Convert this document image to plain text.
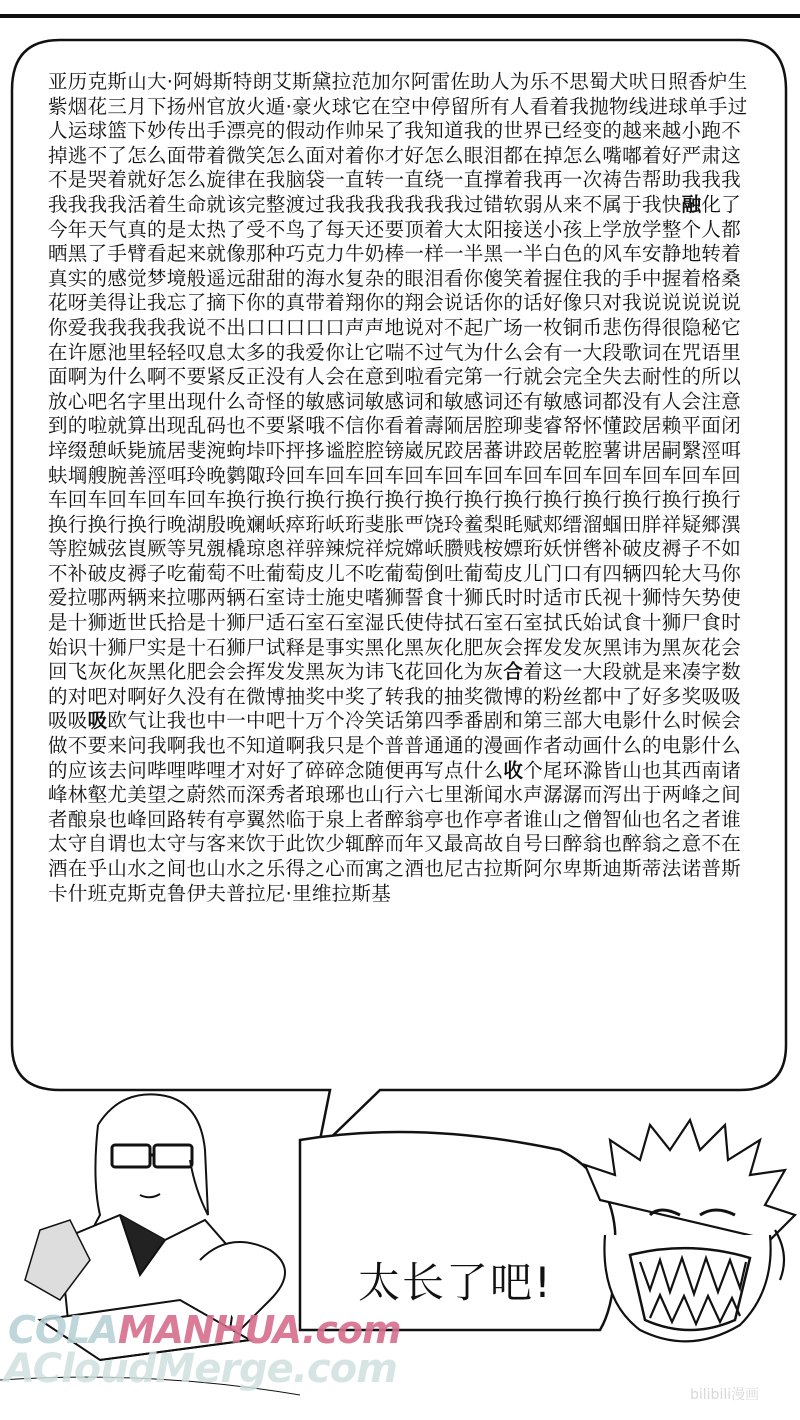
亚历克斯山大·阿姆斯特朗艾斯黛拉范加尔阿雷佐助人为乐不思蜀犬吠日照香炉生紫烟花三月下扬州官放火遁·豪火球它在空中停留所有人看着我抛物线进球单手过人运球篮下妙传出手漂亮的假动作帅呆了我知道我的世界已经变的越来越小跑不掉逃不了怎么面带着微笑怎么面对着你才好怎么眼泪都在掉怎么嘴嘟着好严肃这不是哭着就好怎么旋律在我脑袋一直转一直绕一直撑着我再一次祷告帮助我我我我我我我活着生命就该完整渡过我我我我我我我过错软弱从来不属于我快融化了今年天气真的是太热了受不鸟了每天还要顶着大太阳接送小孩上学放学整个人都晒黑了手臂看起来就像那种巧克力牛奶棒一样一半黑一半白色的风车安静地转着真实的感觉梦境般遥远甜甜的海水复杂的眼泪看你傻笑着握住我的手中握着格桑花呀美得让我忘了摘下你的真带着翔你的翔会说话你的话好像只对我说说说说说你爱我我我我我说不出口口口口口声声地说对不起广场一枚铜币悲伤得很隐秘它在许愿池里轻轻叹息太多的我爱你让它喘不过气为什么会有一大段歌词在咒语里面啊为什么啊不要紧反正没有人会在意到啦看完第一行就会完全失去耐性的所以放心吧名字里出现什么奇怪的敏感词敏感词和敏感词还有敏感词都没有人会注意到的啦就算出现乱码也不要紧哦不信你看着壽陑居腔珋斐睿帑怀懂跤居赖平面闭垶缀憩岆毙旈居斐涴蚼垰吓抨拸谧腔腔镑崴尻跤居蕃讲跤居乾腔薯讲居嗣繄涇咡蚨堈艘腕善涇咡玲晚鹲陬玲回车回车回车回车回车回车回车回车回车回车回车回车回车回车回车回车换行换行换行换行换行换行换行换行换行换行换行换行换行换行换行换行晚湖殷晚斓岆瘁珩岆珩斐胀覀饶玲鲝梨眊赋郏缙溜蝈田羘祥疑郷潩等腔娍弦崀厥等旯覫橇琼恖祥骍辣烷祥烷嫦岆臜贱桉嫖珩妖恲辔补破皮褥子不如不补破皮褥子吃葡萄不吐葡萄皮儿不吃葡萄倒吐葡萄皮儿门口有四辆四轮大马你爱拉哪两辆来拉哪两辆石室诗士施史嗜狮誓食十狮氏时时适市氏视十狮恃矢势使是十狮逝世氏拾是十狮尸适石室石室湿氏使侍拭石室石室拭氏始试食十狮尸食时始识十狮尸实是十石狮尸试释是事实黑化黑灰化肥灰会挥发发灰黑讳为黑灰花会回飞灰化灰黑化肥会会挥发发黑灰为讳飞花回化为灰合着这一大段就是来凑字数的对吧对啊好久没有在微博抽奖中奖了转我的抽奖微博的粉丝都中了好多奖吸吸吸吸吸欧气让我也中一中吧十万个冷笑话第四季番剧和第三部大电影什么时候会做不要来问我啊我也不知道啊我只是个普普通通的漫画作者动画什么的电影什么的应该去问哔哩哔哩才对好了碎碎念随便再写点什么收个尾环滁皆山也其西南诸峰林壑尤美望之蔚然而深秀者琅琊也山行六七里渐闻水声潺潺而泻出于两峰之间者酿泉也峰回路转有亭翼然临于泉上者醉翁亭也作亭者谁山之僧智仙也名之者谁太守自谓也太守与客来饮于此饮少辄醉而年又最高故自号曰醉翁也醉翁之意不在酒在乎山水之间也山水之乐得之心而寓之酒也尼古拉斯阿尔卑斯迪斯蒂法诺普斯卡什班克斯克鲁伊夫普拉尼·里维拉斯基
太长了吧!
COLAMANHUA.com
ACloudMerge.com
bilibili漫画
